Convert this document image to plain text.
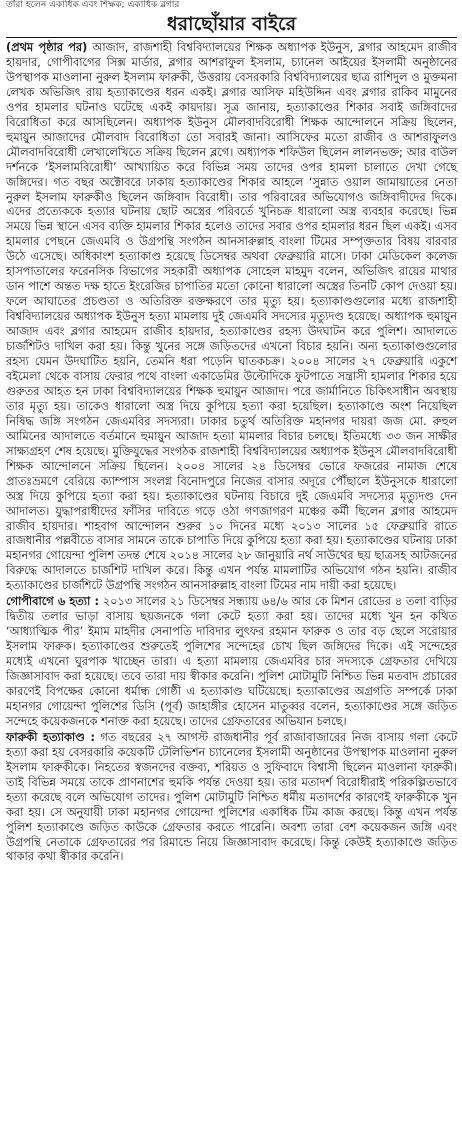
তাঁরা হলেন একাধিক এবং শিক্ষক; একাধিক ব্লগার
ধরাছোঁয়ার বাইরে

(প্রথম পৃষ্ঠার পর) আজাদ, রাজশাহী বিশ্ববিদ্যালয়ের শিক্ষক অধ্যাপক ইউনুস, ব্লগার আহমেদ রাজীব হায়দার, গোপীবাগের সিক্স মার্ডার, ব্লগার আশরাফুল ইসলাম, চ্যানেল আইয়ের ইসলামী অনুষ্ঠানের উপস্থাপক মাওলানা নুরুল ইসলাম ফারুকী, উত্তরায় বেসরকারি বিশ্ববিদ্যালয়ের ছাত্র রাশিদুল ও মুক্তমনা লেখক অভিজিৎ রায় হত্যাকাণ্ডের ধরন একই। ব্লগার আসিফ মহিউদ্দিন এবং ব্লগার রাকিব মামুনের ওপর হামলার ঘটনাও ঘটেছে একই কায়দায়। সূত্র জানায়, হত্যাকাণ্ডের শিকার সবাই জঙ্গিবাদের বিরোধিতা করে আসছিলেন। অধ্যাপক ইউনুস মৌলবাদবিরোধী শিক্ষক আন্দোলনে সক্রিয় ছিলেন, হুমায়ুন আজাদের মৌলবাদ বিরোধিতা তো সবারই জানা। আসিফের মতো রাজীব ও আশরাফুলও মৌলবাদবিরোধী লেখালেখিতে সক্রিয় ছিলেন ব্লগে। অধ্যাপক শফিউল ছিলেন লালনভক্ত; আর বাউল দর্শনকে ‘ইসলামবিরোধী’ আখ্যায়িত করে বিভিন্ন সময় তাদের ওপর হামলা চালাতে দেখা গেছে জঙ্গিদের। গত বছর অক্টোবরে ঢাকায় হত্যাকাণ্ডের শিকার আহলে ‘সুন্নাত ওয়াল জামায়াতের নেতা নুরুল ইসলাম ফারুকীও ছিলেন জঙ্গিবাদ বিরোধী। তার পরিবারের অভিযোগও জঙ্গিবাদীদের দিকে। এদের প্রত্যেককে হত্যার ঘটনায় ছোট অস্ত্রের পরিবর্তে খুনিচক্র ধারালো অস্ত্র ব্যবহার করেছে। ভিন্ন সময়ে ভিন্ন স্থানে এসব ব্যক্তি হামলার শিকার হলেও তাদের সবার ওপর হামলার ধরন ছিল একই। এসব হামলার পেছনে জেএমবি ও উগ্রপন্থি সংগঠন আনসারুল্লাহ বাংলা টিমের সম্পৃক্ততার বিষয় বারবার উঠে এসেছে। অধিকাংশ হত্যাকাণ্ড হয়েছে ডিসেম্বর অথবা ফেব্রুয়ারি মাসে। ঢাকা মেডিকেল কলেজ হাসপাতালের ফরেনসিক বিভাগের সহকারী অধ্যাপক সোহেল মাহমুদ বলেন, অভিজিৎ রায়ের মাথার ডান পাশে অন্তত দক্ষ হাতে ইংরেজির চাপাতির মতো কোনো ধারালো অস্ত্রের তিনটি কোপ দেওয়া হয়। ফলে আঘাতের প্রচণ্ডতা ও অতিরিক্ত রক্তক্ষরণে তার মৃত্যু হয়। হত্যাকাণ্ডগুলোর মধ্যে রাজশাহী বিশ্ববিদ্যালয়ের অধ্যাপক ইউনুস হত্যা মামলায় দুই জেএমবি সদস্যের মৃত্যুদণ্ড হয়েছে। অধ্যাপক হুমায়ুন আজাদ এবং ব্লগার আহমেদ রাজীব হায়দার, হত্যাকাণ্ডের রহস্য উদঘাটন করে পুলিশ। আদালতে চার্জশিটও দাখিল করা হয়। কিন্তু খুনের সঙ্গে জড়িতদের এখনো বিচার হয়নি। অন্য হত্যাকাণ্ডগুলোর রহস্য যেমন উদঘাটিত হয়নি, তেমনি ধরা পড়েনি ঘাতকচক্র। ২০০৪ সালের ২৭ ফেব্রুয়ারি একুশে বইমেলা থেকে বাসায় ফেরার পথে বাংলা একাডেমির উল্টোদিকে ফুটপাতে সন্ত্রাসী হামলার শিকার হয়ে গুরুতর আহত হন ঢাকা বিশ্ববিদ্যালয়ের শিক্ষক হুমায়ুন আজাদ। পরে জার্মানিতে চিকিৎসাধীন অবস্থায় তার মৃত্যু হয়। তাকেও ধারালো অস্ত্র দিয়ে কুপিয়ে হত্যা করা হয়েছিল। হত্যাকাণ্ডে অংশ নিয়েছিল নিষিদ্ধ জঙ্গি সংগঠন জেএমবির সদস্যরা। ঢাকার চতুর্থ অতিরিক্ত মহানগর দায়রা জজ মো. রুহুল আমিনের আদালতে বর্তমানে হুমায়ুন আজাদ হত্যা মামলার বিচার চলছে। ইতিমধ্যে ৩৩ জন সাক্ষীর সাক্ষ্যগ্রহণ শেষ হয়েছে। মুক্তিযুদ্ধের সংগঠক রাজশাহী বিশ্ববিদ্যালয়ের অধ্যাপক ইউনুস মৌলবাদবিরোধী শিক্ষক আন্দোলনে সক্রিয় ছিলেন। ২০০৪ সালের ২৪ ডিসেম্বর ভোরে ফজরের নামাজ শেষে প্রাতঃভ্রমণে বেরিয়ে ক্যাম্পাস সংলগ্ন বিনোদপুরে নিজের বাসার অদূরে পৌঁছালে ইউনুসকে ধারালো অস্ত্র দিয়ে কুপিয়ে হত্যা করা হয়। হত্যাকাণ্ডের ঘটনায় বিচারে দুই জেএমবি সদস্যের মৃত্যুদণ্ড দেন আদালত। যুদ্ধাপরাধীদের ফাঁসির দাবিতে গড়ে ওঠা গণজাগরণ মঞ্চের কর্মী ছিলেন ব্লগার আহমেদ রাজীব হায়দার। শাহবাগ আন্দোলন শুরুর ১০ দিনের মধ্যে ২০১৩ সালের ১৫ ফেব্রুয়ারি রাতে রাজধানীর পল্লবীতে বাসার সামনে তাকে চাপাতি দিয়ে কুপিয়ে হত্যা করা হয়। হত্যাকাণ্ডের ঘটনায় ঢাকা মহানগর গোয়েন্দা পুলিশ তদন্ত শেষে ২০১৪ সালের ২৮ জানুয়ারি নর্থ সাউথের ছয় ছাত্রসহ আটজনের বিরুদ্ধে আদালতে চার্জশিট দাখিল করে। কিন্তু এখন পর্যন্ত মামলাটির অভিযোগ গঠন হয়নি। রাজীব হত্যাকাণ্ডের চার্জশিটে উগ্রপন্থি সংগঠন আনসারুল্লাহ বাংলা টিমের নাম দায়ী করা হয়েছে।

গোপীবাগে ৬ হত্যা : ২০১৩ সালের ২১ ডিসেম্বর সন্ধ্যায় ৬৪/৬ আর কে মিশন রোডের ৪ তলা বাড়ির দ্বিতীয় তলার ভাড়া বাসায় ছয়জনকে গলা কেটে হত্যা করা হয়। তাদের মধ্যে খুন হন কথিত ‘আধ্যাত্মিক পীর’ ইমাম মাহদীর সেনাপতি দাবিদার লুৎফর রহমান ফারুক ও তার বড় ছেলে সরোয়ার ইসলাম ফারুক। হত্যাকাণ্ডের শুরুতেই পুলিশের সন্দেহের চোখ ছিল জঙ্গিদের দিকে। এই সন্দেহের মধ্যেই এখনো ঘুরপাক খাচ্ছেন তারা। এ হত্যা মামলায় জেএমবির চার সদস্যকে গ্রেফতার দেখিয়ে জিজ্ঞাসাবাদ করা হয়েছে। তবে তারা দায় স্বীকার করেনি। পুলিশ মোটামুটি নিশ্চিত ভিন্ন মতবাদ প্রচারের কারণেই বিপক্ষের কোনো ধর্মান্ধ গোষ্ঠী এ হত্যাকাণ্ড ঘটিয়েছে। হত্যাকাণ্ডের অগ্রগতি সম্পর্কে ঢাকা মহানগর গোয়েন্দা পুলিশের ডিসি (পূর্ব) জাহাঙ্গীর হোসেন মাতুব্বর বলেন, হত্যাকাণ্ডের সঙ্গে জড়িত সন্দেহে কয়েকজনকে শনাক্ত করা হয়েছে। তাদের গ্রেফতারের অভিযান চলছে।

ফারুকী হত্যাকাণ্ড : গত বছরের ২৭ আগস্ট রাজধানীর পূর্ব রাজাবাজারের নিজ বাসায় গলা কেটে হত্যা করা হয় বেসরকারি কয়েকটি টেলিভিশন চ্যানেলের ইসলামী অনুষ্ঠানের উপস্থাপক মাওলানা নুরুল ইসলাম ফারুকীকে। নিহতের স্বজনদের বক্তব্য, শরিয়ত ও সুফিবাদে বিশ্বাসী ছিলেন মাওলানা ফারুকী। তাই বিভিন্ন সময়ে তাকে প্রাণনাশের হুমকি পর্যন্ত দেওয়া হয়। তার মতাদর্শ বিরোধীরাই পরিকল্পিতভাবে হত্যা করেছে বলে অভিযোগ তাদের। পুলিশ মোটামুটি নিশ্চিত ধর্মীয় মতাদর্শের কারণেই ফারুকীকে খুন করা হয়। সে অনুযায়ী ঢাকা মহানগর গোয়েন্দা পুলিশের একাধিক টিম কাজ করছে। কিন্তু এখন পর্যন্ত পুলিশ হত্যাকাণ্ডে জড়িত কাউকে গ্রেফতার করতে পারেনি। অবশ্য তারা বেশ কয়েকজন জঙ্গি এবং উগ্রপন্থি নেতাকে গ্রেফতারের পর রিমান্ডে নিয়ে জিজ্ঞাসাবাদ করেছে। কিন্তু কেউই হত্যাকাণ্ডে জড়িত থাকার কথা স্বীকার করেনি।
